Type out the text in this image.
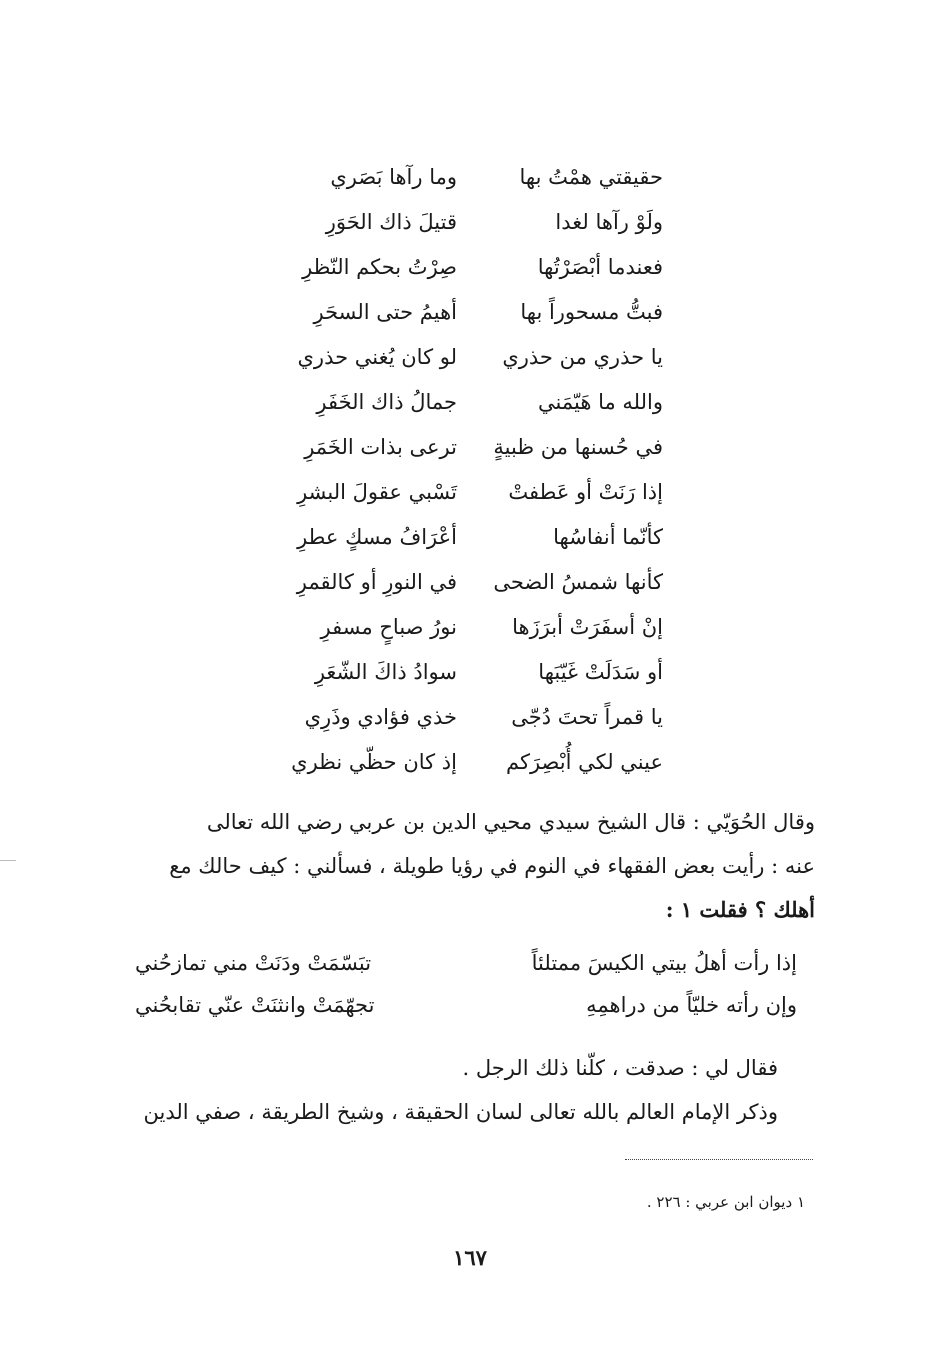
حقيقتي همْتُ بها
وما رآها بَصَري
ولَوْ رآها لغدا
قتيلَ ذاك الحَوَرِ
فعندما أبْصَرْتُها
صِرْتُ بحكم النّظرِ
فبتُّ مسحوراً بها
أهيمُ حتى السحَرِ
يا حذري من حذري
لو كان يُغني حذري
والله ما هَيّمَني
جمالُ ذاك الخَفَرِ
في حُسنها من ظبيةٍ
ترعى بذات الخَمَرِ
إذا رَنَتْ أو عَطفتْ
تَسْبي عقولَ البشرِ
كأنّما أنفاسُها
أعْرَافُ مسكٍ عطرِ
كأنها شمسُ الضحى
في النورِ أو كالقمرِ
إنْ أسفَرَتْ أبرَزَها
نورُ صباحٍ مسفرِ
أو سَدَلَتْ غَيّبَها
سوادُ ذاكَ الشّعَرِ
يا قمراً تحتَ دُجّى
خذي فؤادي وذَرِي
عيني لكي أُبْصِرَكم
إذ كان حظّي نظري

وقال الحُوَيّي : قال الشيخ سيدي محيي الدين بن عربي رضي الله تعالى

عنه : رأيت بعض الفقهاء في النوم في رؤيا طويلة ، فسألني : كيف حالك مع

أهلك ؟ فقلت ١ :

إذا رأت أهلُ بيتي الكيسَ ممتلئاً
تبَسّمَتْ ودَنَتْ مني تمازحُني
وإن رأته خليّاً من دراهمِهِ
تجهّمَتْ وانثنَتْ عنّي تقابحُني
فقال لي : صدقت ، كلّنا ذلك الرجل .
وذكر الإمام العالم بالله تعالى لسان الحقيقة ، وشيخ الطريقة ، صفي الدين
١ ديوان ابن عربي : ٢٢٦ .
١٦٧
